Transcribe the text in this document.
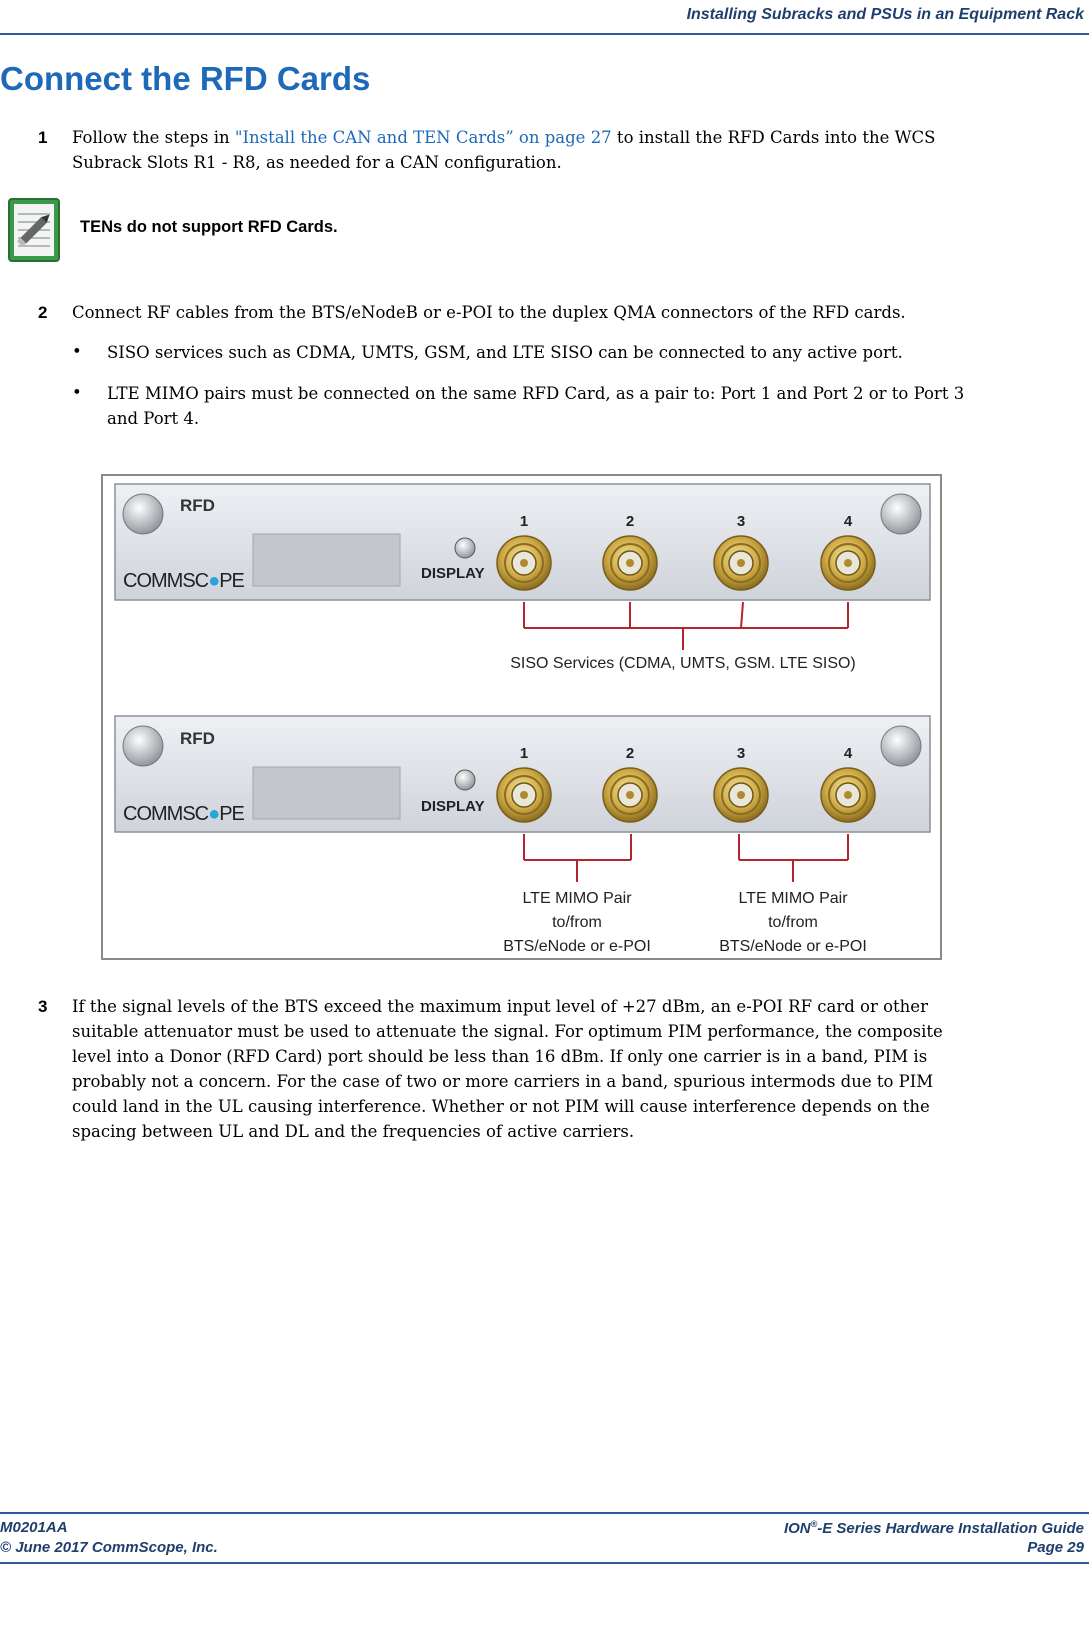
Installing Subracks and PSUs in an Equipment Rack
Connect the RFD Cards
1 Follow the steps in "Install the CAN and TEN Cards” on page 27 to install the RFD Cards into the WCS
Subrack Slots R1 - R8, as needed for a CAN configuration.
TENs do not support RFD Cards.
2 Connect RF cables from the BTS/eNodeB or e-POI to the duplex QMA connectors of the RFD cards.
• SISO services such as CDMA, UMTS, GSM, and LTE SISO can be connected to any active port.
• LTE MIMO pairs must be connected on the same RFD Card, as a pair to: Port 1 and Port 2 or to Port 3
and Port 4.
RFD
COMMSC●PE	DISPLAY
1	2	3	4
SISO Services (CDMA, UMTS, GSM. LTE SISO)
RFD
COMMSC●PE	DISPLAY
1	2	3	4
LTE MIMO Pair
to/from
BTS/eNode or e-POI
LTE MIMO Pair
to/from
BTS/eNode or e-POI
3 If the signal levels of the BTS exceed the maximum input level of +27 dBm, an e-POI RF card or other
suitable attenuator must be used to attenuate the signal. For optimum PIM performance, the composite
level into a Donor (RFD Card) port should be less than 16 dBm. If only one carrier is in a band, PIM is
probably not a concern. For the case of two or more carriers in a band, spurious intermods due to PIM
could land in the UL causing interference. Whether or not PIM will cause interference depends on the
spacing between UL and DL and the frequencies of active carriers.
M0201AA	ION®-E Series Hardware Installation Guide
© June 2017 CommScope, Inc.	Page 29
